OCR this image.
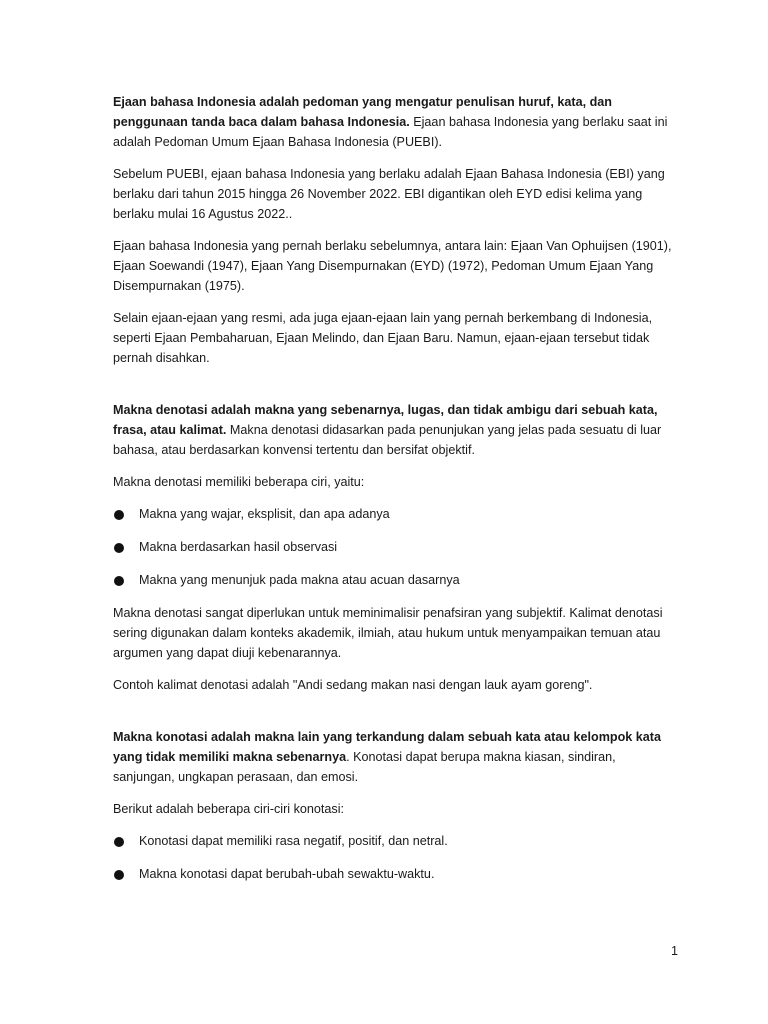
Ejaan bahasa Indonesia adalah pedoman yang mengatur penulisan huruf, kata, dan penggunaan tanda baca dalam bahasa Indonesia. Ejaan bahasa Indonesia yang berlaku saat ini adalah Pedoman Umum Ejaan Bahasa Indonesia (PUEBI).

Sebelum PUEBI, ejaan bahasa Indonesia yang berlaku adalah Ejaan Bahasa Indonesia (EBI) yang berlaku dari tahun 2015 hingga 26 November 2022. EBI digantikan oleh EYD edisi kelima yang berlaku mulai 16 Agustus 2022..

Ejaan bahasa Indonesia yang pernah berlaku sebelumnya, antara lain: Ejaan Van Ophuijsen (1901), Ejaan Soewandi (1947), Ejaan Yang Disempurnakan (EYD) (1972), Pedoman Umum Ejaan Yang Disempurnakan (1975).

Selain ejaan-ejaan yang resmi, ada juga ejaan-ejaan lain yang pernah berkembang di Indonesia, seperti Ejaan Pembaharuan, Ejaan Melindo, dan Ejaan Baru. Namun, ejaan-ejaan tersebut tidak pernah disahkan.

Makna denotasi adalah makna yang sebenarnya, lugas, dan tidak ambigu dari sebuah kata, frasa, atau kalimat. Makna denotasi didasarkan pada penunjukan yang jelas pada sesuatu di luar bahasa, atau berdasarkan konvensi tertentu dan bersifat objektif.

Makna denotasi memiliki beberapa ciri, yaitu:

Makna yang wajar, eksplisit, dan apa adanya
Makna berdasarkan hasil observasi
Makna yang menunjuk pada makna atau acuan dasarnya

Makna denotasi sangat diperlukan untuk meminimalisir penafsiran yang subjektif. Kalimat denotasi sering digunakan dalam konteks akademik, ilmiah, atau hukum untuk menyampaikan temuan atau argumen yang dapat diuji kebenarannya.

Contoh kalimat denotasi adalah "Andi sedang makan nasi dengan lauk ayam goreng".

Makna konotasi adalah makna lain yang terkandung dalam sebuah kata atau kelompok kata yang tidak memiliki makna sebenarnya. Konotasi dapat berupa makna kiasan, sindiran, sanjungan, ungkapan perasaan, dan emosi.

Berikut adalah beberapa ciri-ciri konotasi:

Konotasi dapat memiliki rasa negatif, positif, dan netral.
Makna konotasi dapat berubah-ubah sewaktu-waktu.
1
